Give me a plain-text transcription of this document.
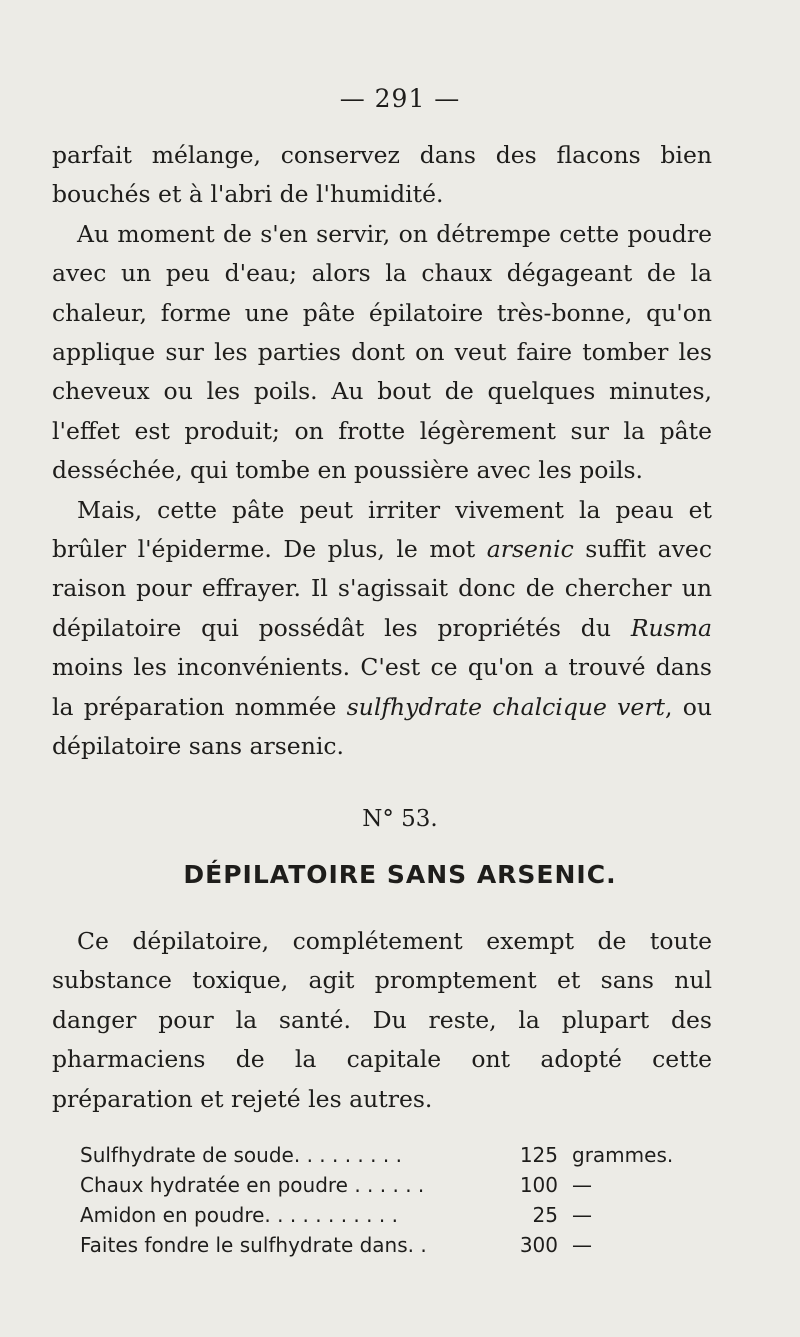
— 291 —

parfait mélange, conservez dans des flacons bien bouchés et à l'abri de l'humidité.

Au moment de s'en servir, on détrempe cette poudre avec un peu d'eau; alors la chaux dégageant de la chaleur, forme une pâte épilatoire très-bonne, qu'on applique sur les parties dont on veut faire tomber les cheveux ou les poils. Au bout de quelques minutes, l'effet est produit; on frotte légèrement sur la pâte desséchée, qui tombe en poussière avec les poils.

Mais, cette pâte peut irriter vivement la peau et brûler l'épiderme. De plus, le mot arsenic suffit avec raison pour effrayer. Il s'agissait donc de chercher un dépilatoire qui possédât les propriétés du Rusma moins les inconvénients. C'est ce qu'on a trouvé dans la préparation nommée sulfhydrate chalcique vert, ou dépilatoire sans arsenic.

N° 53.
DÉPILATOIRE SANS ARSENIC.

Ce dépilatoire, complétement exempt de toute substance toxique, agit promptement et sans nul danger pour la santé. Du reste, la plupart des pharmaciens de la capitale ont adopté cette préparation et rejeté les autres.

Sulfhydrate de soude. . . . . . . . .	125 grammes.
Chaux hydratée en poudre . . . . . .	100 —
Amidon en poudre. . . . . . . . . . .	25 —
Faites fondre le sulfhydrate dans. .	300 —
